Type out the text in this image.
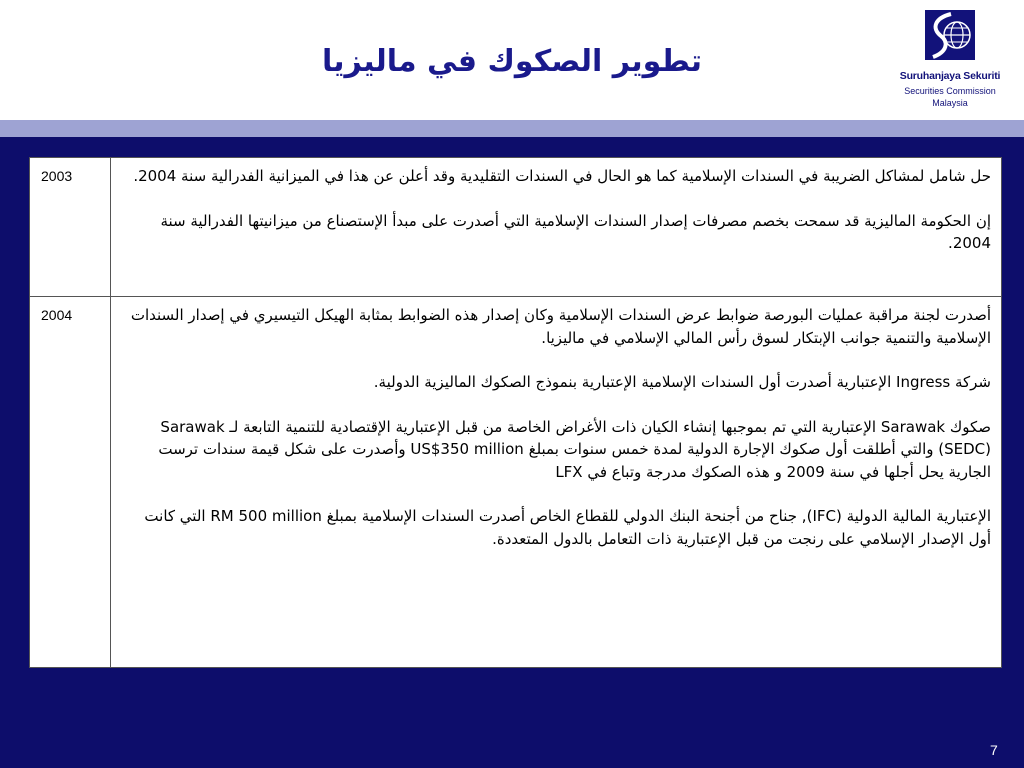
تطوير الصكوك في ماليزيا	Suruhanjaya Sekuriti
Securities Commission
Malaysia
2003	حل شامل لمشاكل الضريبة في السندات الإسلامية كما هو الحال في السندات التقليدية وقد أعلن عن هذا في الميزانية الفدرالية سنة 2004.

إن الحكومة الماليزية قد سمحت بخصم مصرفات إصدار السندات الإسلامية التي أصدرت على مبدأ الإستصناع من ميزانيتها الفدرالية سنة 2004.

2004	أصدرت لجنة مراقبة عمليات البورصة ضوابط عرض السندات الإسلامية وكان إصدار هذه الضوابط بمثابة الهيكل التيسيري في إصدار السندات الإسلامية والتنمية جوانب الإبتكار لسوق رأس المالي الإسلامي في ماليزيا.

شركة Ingress الإعتبارية أصدرت أول السندات الإسلامية الإعتبارية بنموذج الصكوك الماليزية الدولية.

صكوك Sarawak الإعتبارية التي تم بموجبها إنشاء الكيان ذات الأغراض الخاصة من قبل الإعتبارية الإقتصادية للتنمية التابعة لـ Sarawak (SEDC) والتي أطلقت أول صكوك الإجارة الدولية لمدة خمس سنوات بمبلغ US$350 million وأصدرت على شكل قيمة سندات ترست الجارية يحل أجلها في سنة 2009 و هذه الصكوك مدرجة وتباع في LFX

الإعتبارية المالية الدولية (IFC), جناح من أجنحة البنك الدولي للقطاع الخاص أصدرت السندات الإسلامية بمبلغ RM 500 million التي كانت أول الإصدار الإسلامي على رنجت من قبل الإعتبارية ذات التعامل بالدول المتعددة.

7
